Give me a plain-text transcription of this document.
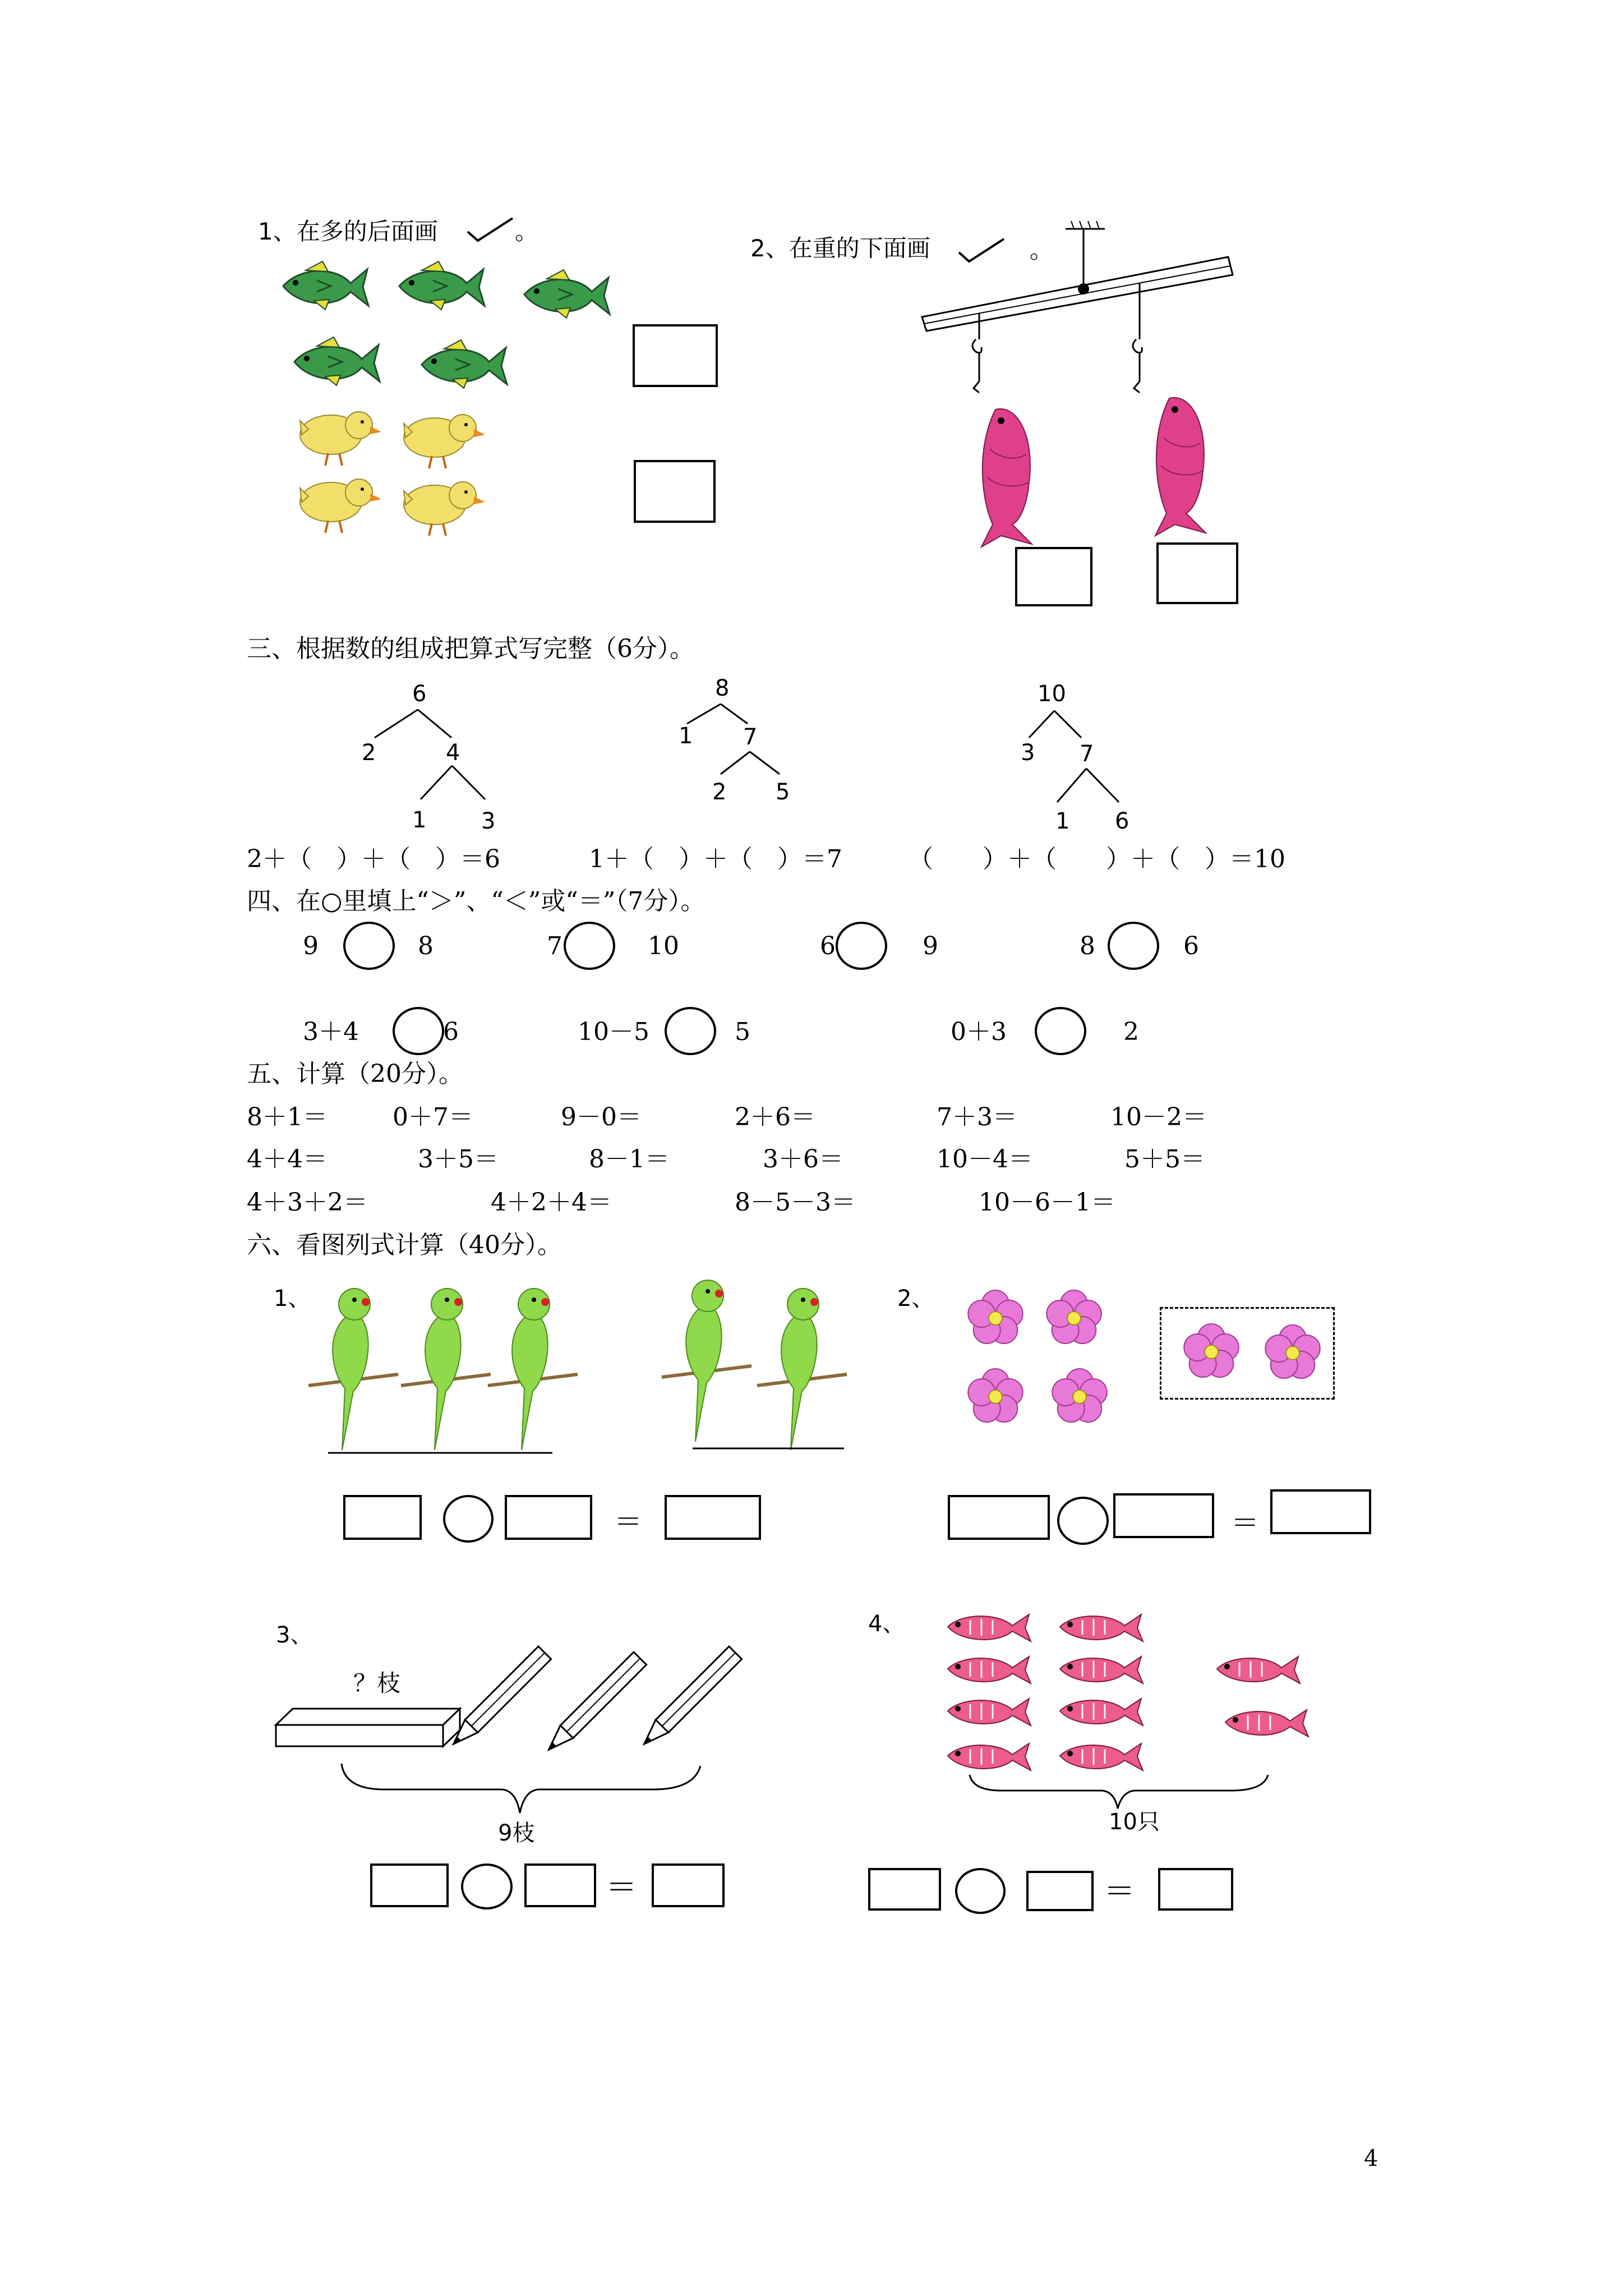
1、在多的后面画	。
2、在重的下面画	。
三、根据数的组成把算式写完整（6分）。
6
2	4
1 3
8
1 7
2 5
10
3 7
1 6
2＋（　）＋（　）＝6	1＋（　）＋（　）＝7	（　　）＋（　　）＋（　）＝10
四、在○里填上“＞”、“＜”或“＝”（7分）。
9	8	7	10	6	9	8	6
3＋4	6	10－5	5	0＋3	2
五、计算（20分）。
8＋1＝	0＋7＝	9－0＝	2＋6＝	7＋3＝	10－2＝
4＋4＝	3＋5＝	8－1＝	3＋6＝	10－4＝	5＋5＝
4＋3＋2＝	4＋2＋4＝	8－5－3＝	10－6－1＝
六、看图列式计算（40分）。
1、
＝
2、
＝
3、
？枝
9枝
＝
4、
10只
＝
4
